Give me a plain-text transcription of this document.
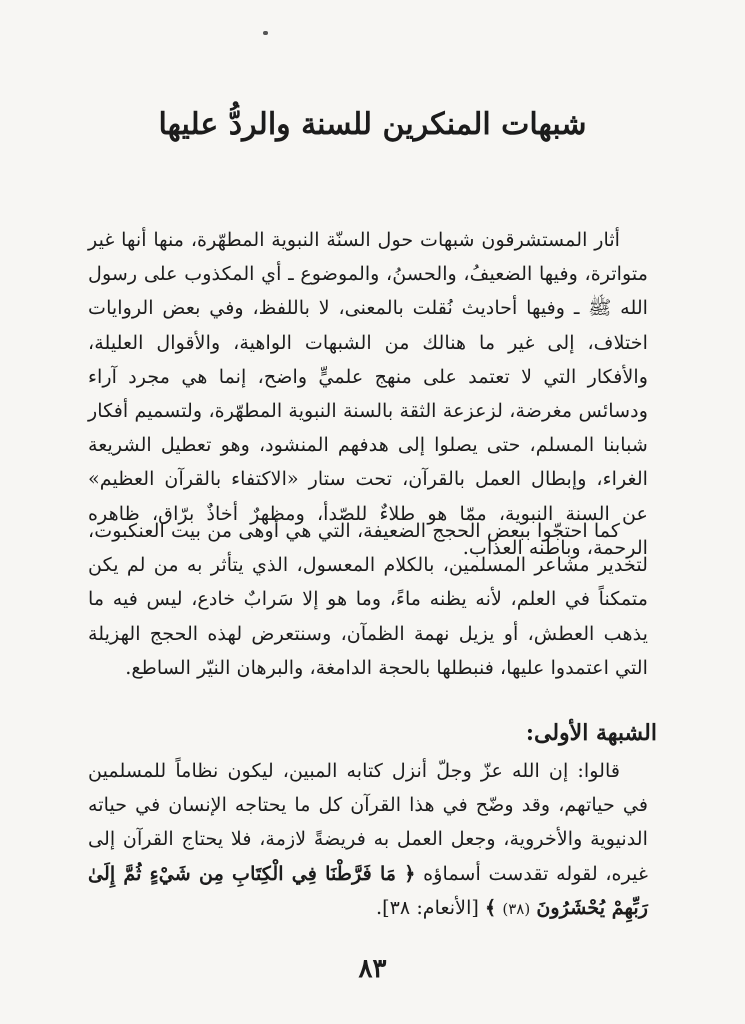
شبهات المنكرين للسنة والردُّ عليها

أثار المستشرقون شبهات حول السنّة النبوية المطهّرة، منها أنها غير متواترة، وفيها الضعيفُ، والحسنُ، والموضوع ـ أي المكذوب على رسول الله ﷺ ـ وفيها أحاديث نُقلت بالمعنى، لا باللفظ، وفي بعض الروايات اختلاف، إلى غير ما هنالك من الشبهات الواهية، والأقوال العليلة، والأفكار التي لا تعتمد على منهج علميٍّ واضح، إنما هي مجرد آراء ودسائس مغرضة، لزعزعة الثقة بالسنة النبوية المطهّرة، ولتسميم أفكار شبابنا المسلم، حتى يصلوا إلى هدفهم المنشود، وهو تعطيل الشريعة الغراء، وإبطال العمل بالقرآن، تحت ستار «الاكتفاء بالقرآن العظيم» عن السنة النبوية، ممّا هو طلاءٌ للصّدأ، ومظهرٌ أخاذٌ برّاق، ظاهره الرحمة، وباطنه العذاب.

كما احتجّوا ببعض الحجج الضعيفة، التي هي أوهى من بيت العنكبوت، لتخدير مشاعر المسلمين، بالكلام المعسول، الذي يتأثر به من لم يكن متمكناً في العلم، لأنه يظنه ماءً، وما هو إلا سَرابٌ خادع، ليس فيه ما يذهب العطش، أو يزيل نهمة الظمآن، وسنتعرض لهذه الحجج الهزيلة التي اعتمدوا عليها، فنبطلها بالحجة الدامغة، والبرهان النيّر الساطع.

الشبهة الأولى:

قالوا: إن الله عزّ وجلّ أنزل كتابه المبين، ليكون نظاماً للمسلمين في حياتهم، وقد وضّح في هذا القرآن كل ما يحتاجه الإنسان في حياته الدنيوية والأخروية، وجعل العمل به فريضةً لازمة، فلا يحتاج القرآن إلى غيره، لقوله تقدست أسماؤه ﴿ مَا فَرَّطْنَا فِي الْكِتَابِ مِن شَيْءٍ ثُمَّ إِلَىٰ رَبِّهِمْ يُحْشَرُونَ (٣٨) ﴾ [الأنعام: ٣٨].

٨٣
